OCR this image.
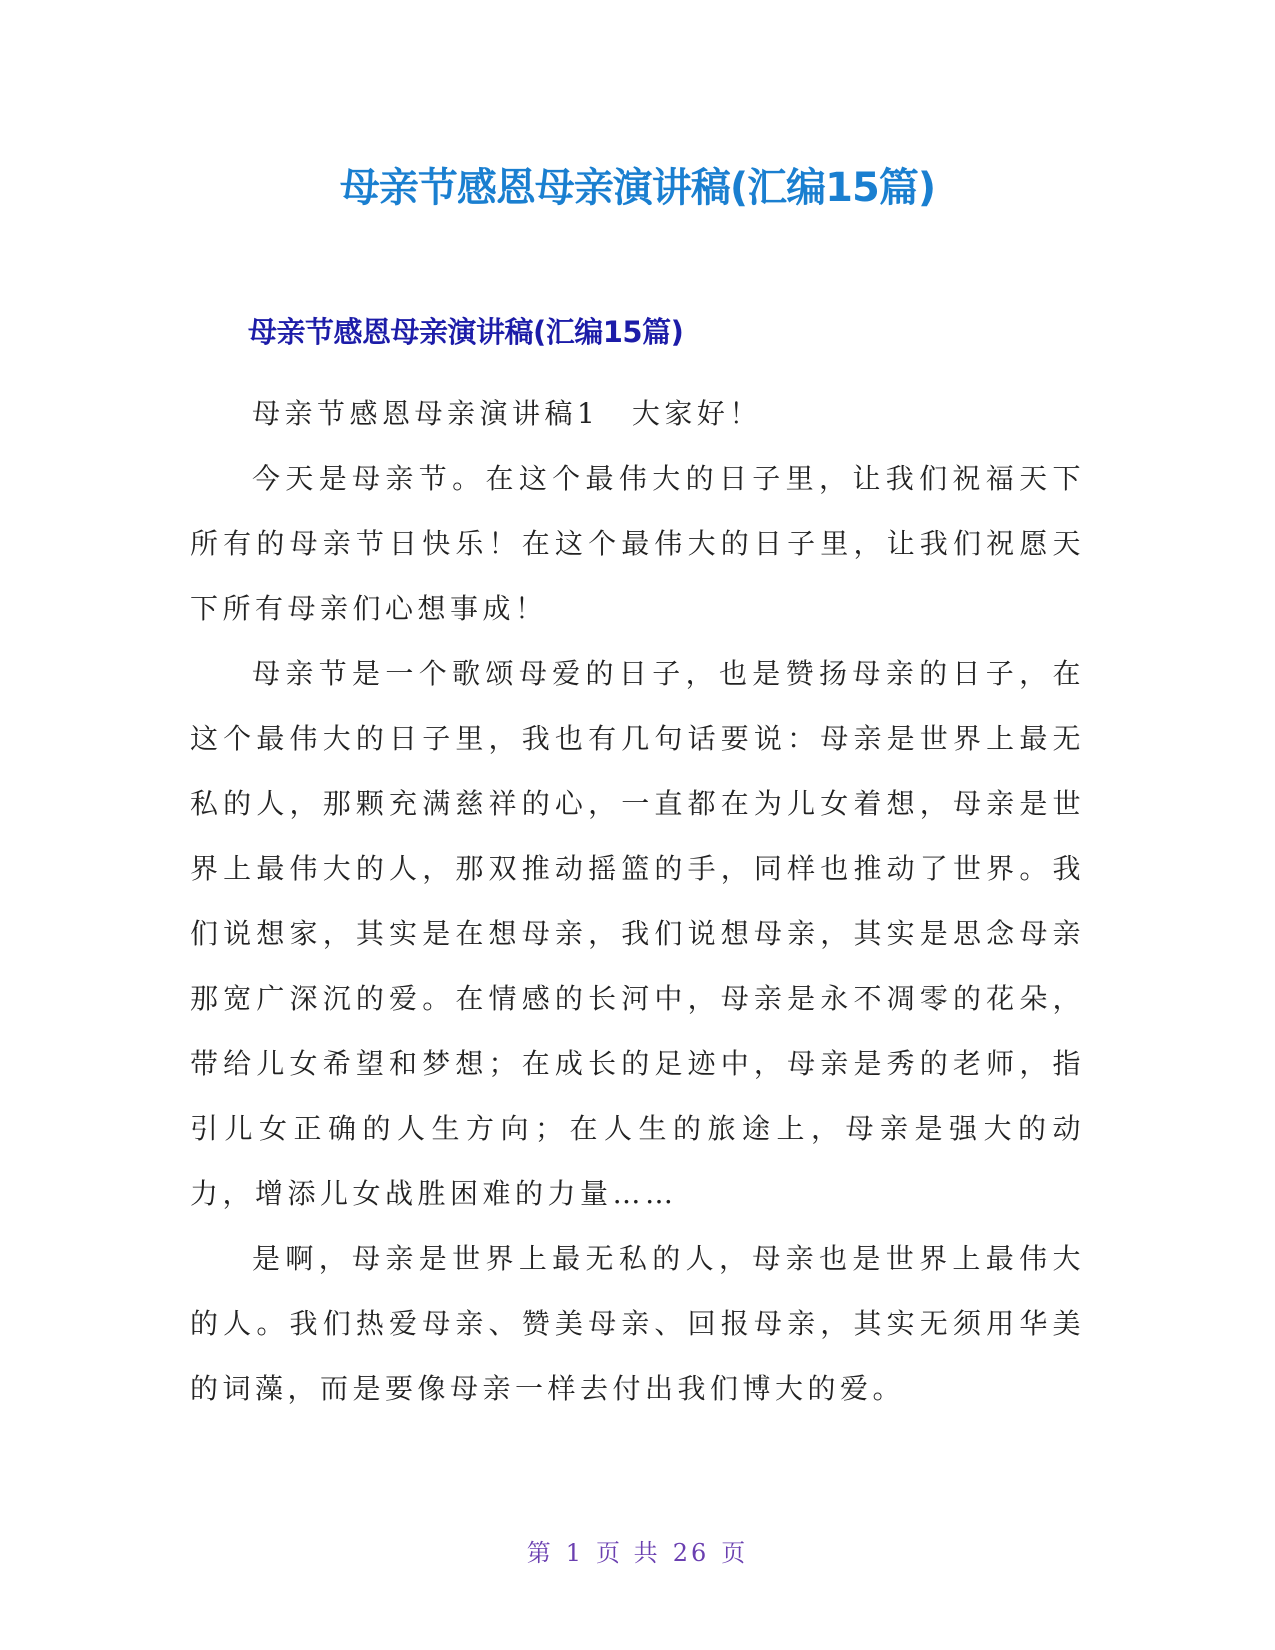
母亲节感恩母亲演讲稿(汇编15篇)
母亲节感恩母亲演讲稿(汇编15篇)

母亲节感恩母亲演讲稿1　大家好！

今天是母亲节。在这个最伟大的日子里，让我们祝福天下所有的母亲节日快乐！在这个最伟大的日子里，让我们祝愿天下所有母亲们心想事成！

母亲节是一个歌颂母爱的日子，也是赞扬母亲的日子，在这个最伟大的日子里，我也有几句话要说：母亲是世界上最无私的人，那颗充满慈祥的心，一直都在为儿女着想，母亲是世界上最伟大的人，那双推动摇篮的手，同样也推动了世界。我们说想家，其实是在想母亲，我们说想母亲，其实是思念母亲那宽广深沉的爱。在情感的长河中，母亲是永不凋零的花朵，带给儿女希望和梦想；在成长的足迹中，母亲是秀的老师，指引儿女正确的人生方向；在人生的旅途上，母亲是强大的动力，增添儿女战胜困难的力量……

是啊，母亲是世界上最无私的人，母亲也是世界上最伟大的人。我们热爱母亲、赞美母亲、回报母亲，其实无须用华美的词藻，而是要像母亲一样去付出我们博大的爱。

第 1 页 共 26 页
